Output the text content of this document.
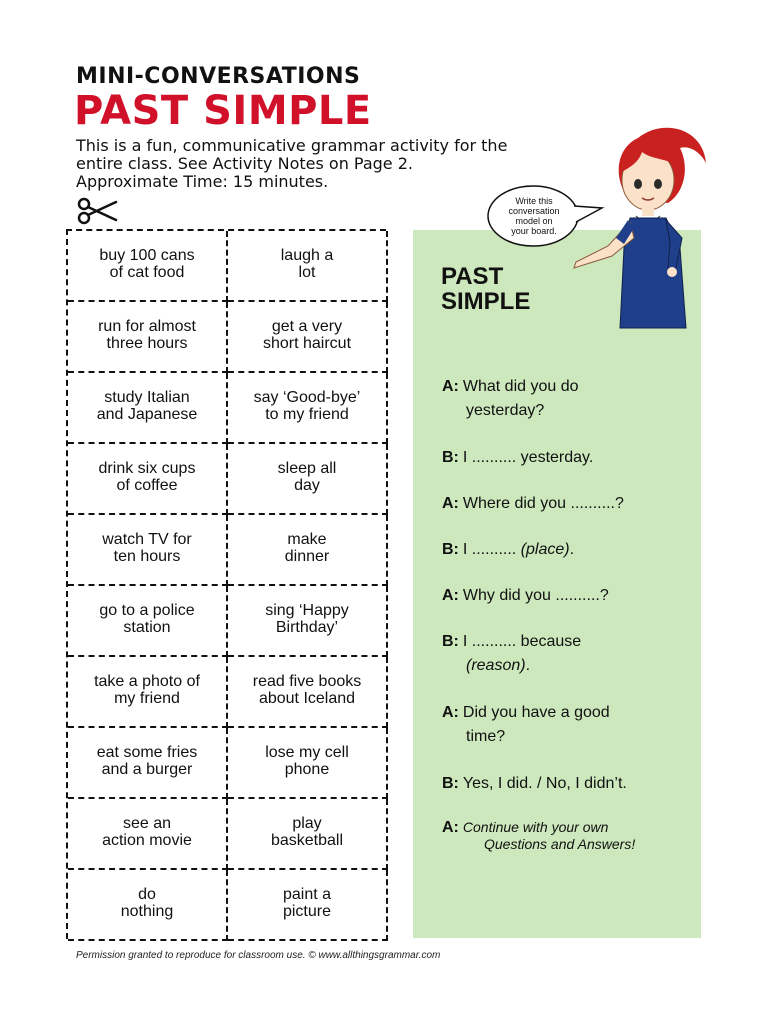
MINI-CONVERSATIONS
PAST SIMPLE
This is a fun, communicative grammar activity for the
entire class. See Activity Notes on Page 2.
Approximate Time: 15 minutes.
buy 100 cans
of cat food
laugh a
lot
run for almost
three hours
get a very
short haircut
study Italian
and Japanese
say ‘Good-bye’
to my friend
drink six cups
of coffee
sleep all
day
watch TV for
ten hours
make
dinner
go to a police
station
sing ‘Happy
Birthday’
take a photo of
my friend
read five books
about Iceland
eat some fries
and a burger
lose my cell
phone
see an
action movie
play
basketball
do
nothing
paint a
picture
PAST
SIMPLE
A: What did you do
yesterday?
B: I .......... yesterday.
A: Where did you ..........?
B: I .......... (place).
A: Why did you ..........?
B: I .......... because
(reason).
A: Did you have a good
time?
B: Yes, I did. / No, I didn’t.
A: Continue with your own
Questions and Answers!
Write this
conversation
model on
your board.
Permission granted to reproduce for classroom use. © www.allthingsgrammar.com
